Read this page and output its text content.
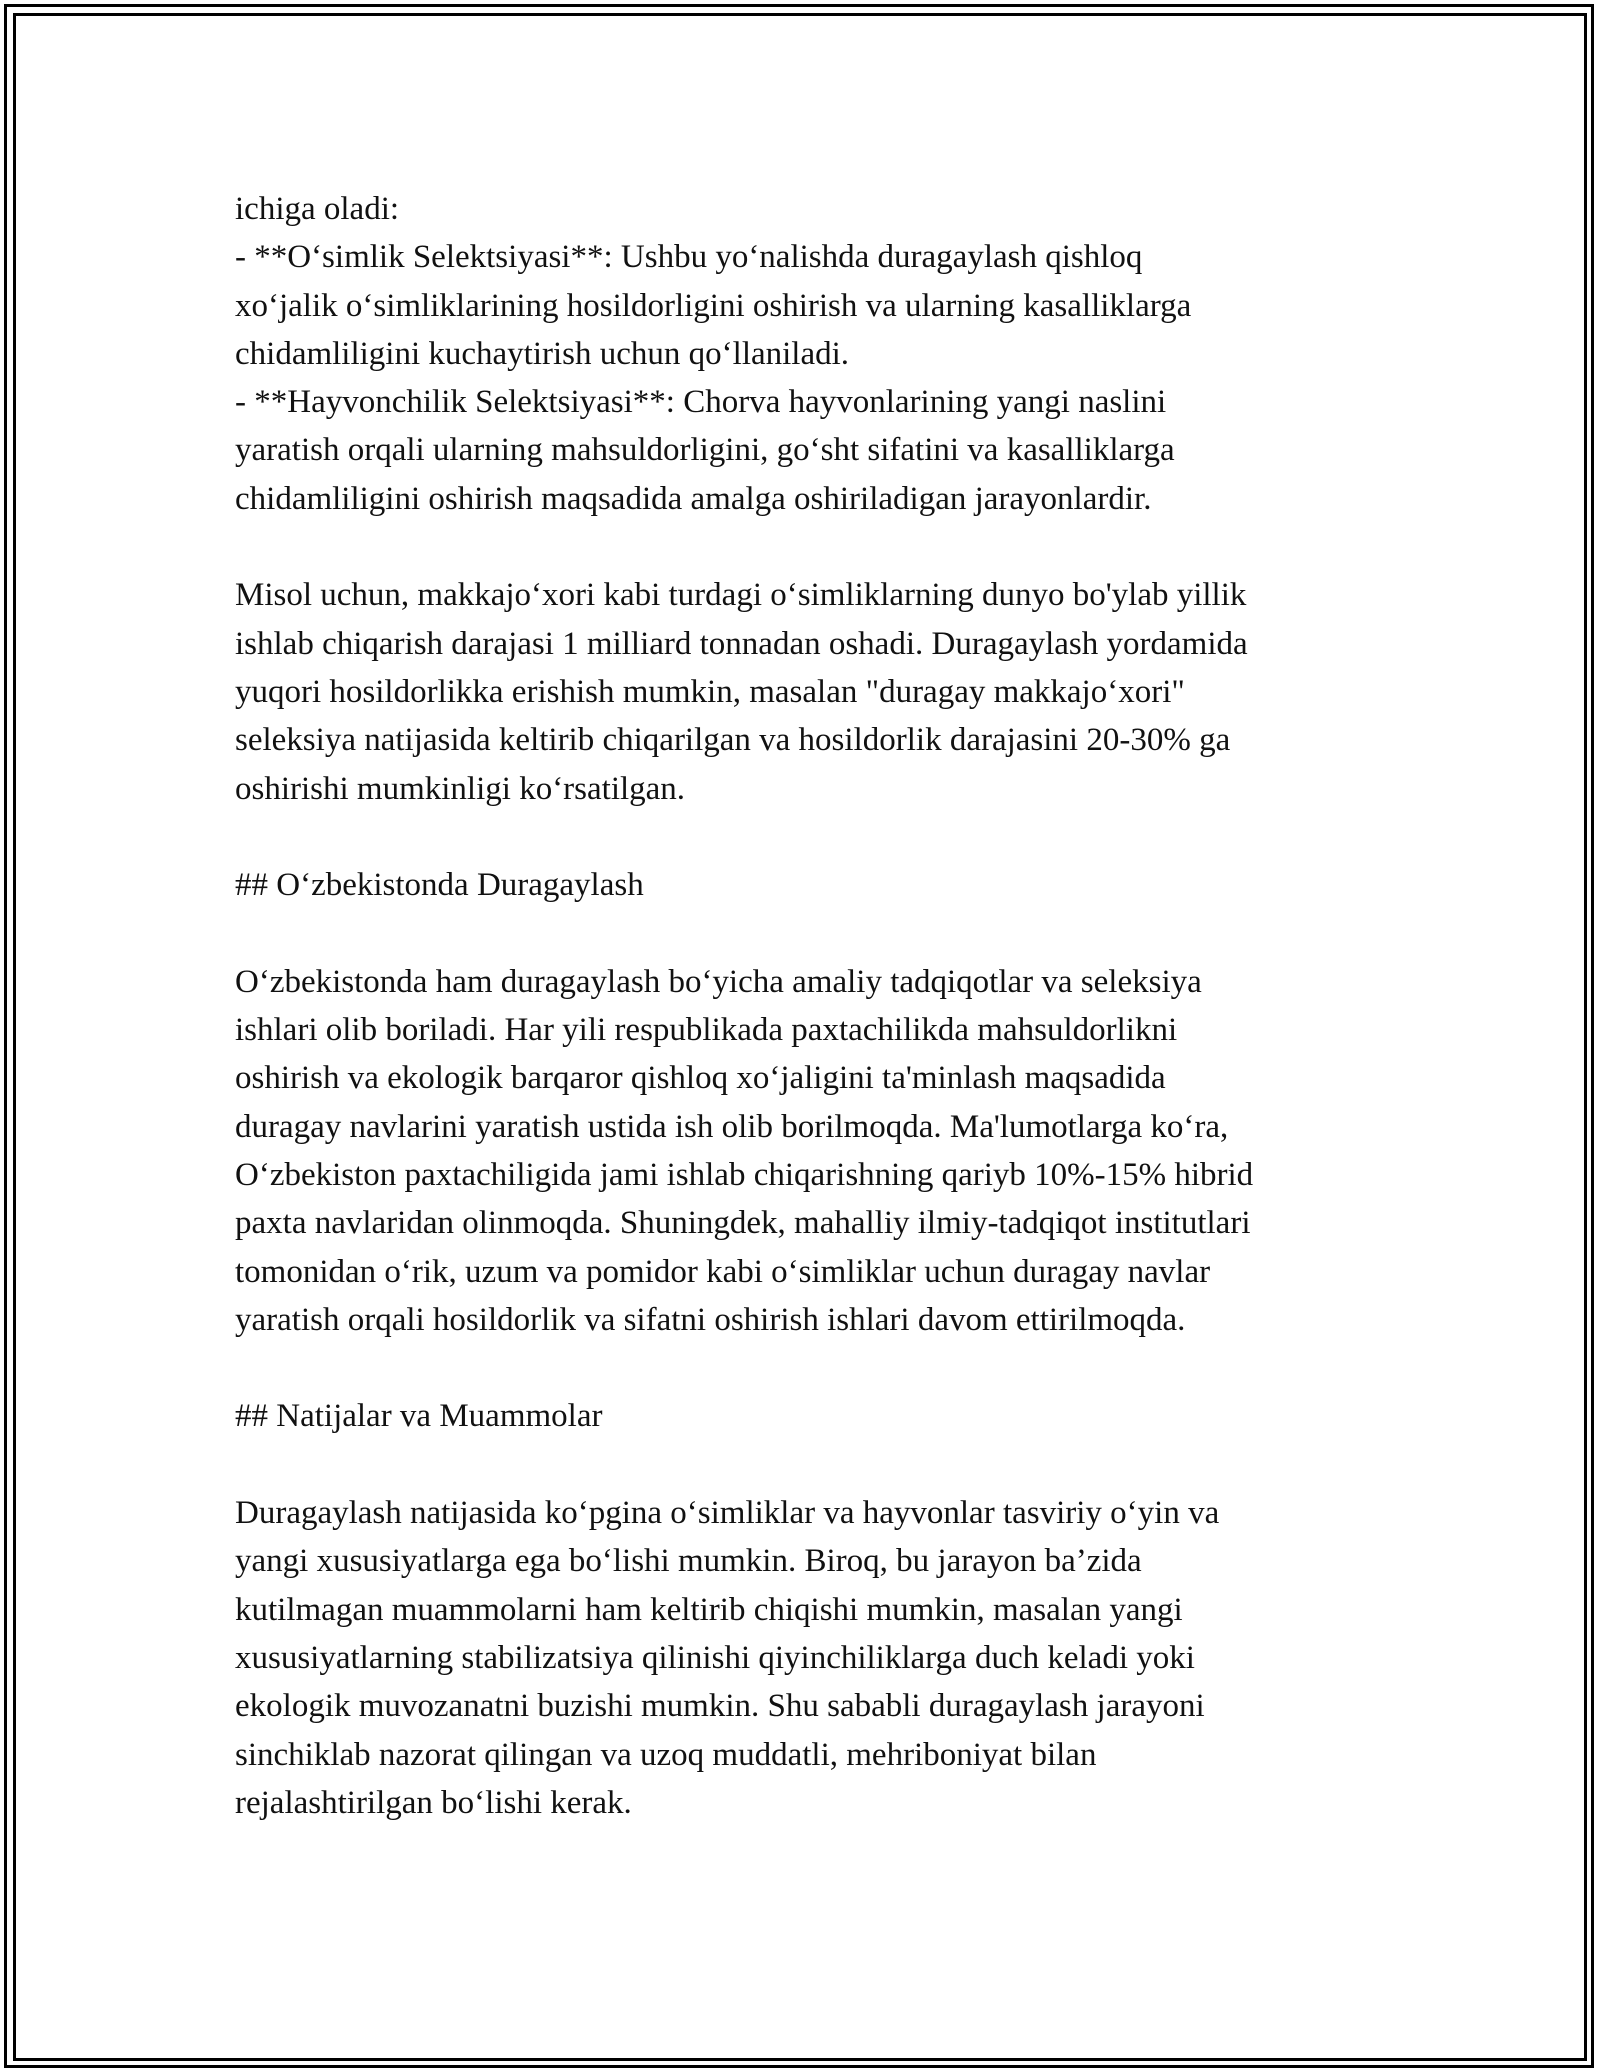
ichiga oladi:
- **O‘simlik Selektsiyasi**: Ushbu yo‘nalishda duragaylash qishloq
xo‘jalik o‘simliklarining hosildorligini oshirish va ularning kasalliklarga
chidamliligini kuchaytirish uchun qo‘llaniladi.
- **Hayvonchilik Selektsiyasi**: Chorva hayvonlarining yangi naslini
yaratish orqali ularning mahsuldorligini, go‘sht sifatini va kasalliklarga
chidamliligini oshirish maqsadida amalga oshiriladigan jarayonlardir.
Misol uchun, makkajo‘xori kabi turdagi o‘simliklarning dunyo bo'ylab yillik
ishlab chiqarish darajasi 1 milliard tonnadan oshadi. Duragaylash yordamida
yuqori hosildorlikka erishish mumkin, masalan "duragay makkajo‘xori"
seleksiya natijasida keltirib chiqarilgan va hosildorlik darajasini 20-30% ga
oshirishi mumkinligi ko‘rsatilgan.
## O‘zbekistonda Duragaylash
O‘zbekistonda ham duragaylash bo‘yicha amaliy tadqiqotlar va seleksiya
ishlari olib boriladi. Har yili respublikada paxtachilikda mahsuldorlikni
oshirish va ekologik barqaror qishloq xo‘jaligini ta'minlash maqsadida
duragay navlarini yaratish ustida ish olib borilmoqda. Ma'lumotlarga ko‘ra,
O‘zbekiston paxtachiligida jami ishlab chiqarishning qariyb 10%-15% hibrid
paxta navlaridan olinmoqda. Shuningdek, mahalliy ilmiy-tadqiqot institutlari
tomonidan o‘rik, uzum va pomidor kabi o‘simliklar uchun duragay navlar
yaratish orqali hosildorlik va sifatni oshirish ishlari davom ettirilmoqda.
## Natijalar va Muammolar
Duragaylash natijasida ko‘pgina o‘simliklar va hayvonlar tasviriy o‘yin va
yangi xususiyatlarga ega bo‘lishi mumkin. Biroq, bu jarayon ba’zida
kutilmagan muammolarni ham keltirib chiqishi mumkin, masalan yangi
xususiyatlarning stabilizatsiya qilinishi qiyinchiliklarga duch keladi yoki
ekologik muvozanatni buzishi mumkin. Shu sababli duragaylash jarayoni
sinchiklab nazorat qilingan va uzoq muddatli, mehriboniyat bilan
rejalashtirilgan bo‘lishi kerak.
